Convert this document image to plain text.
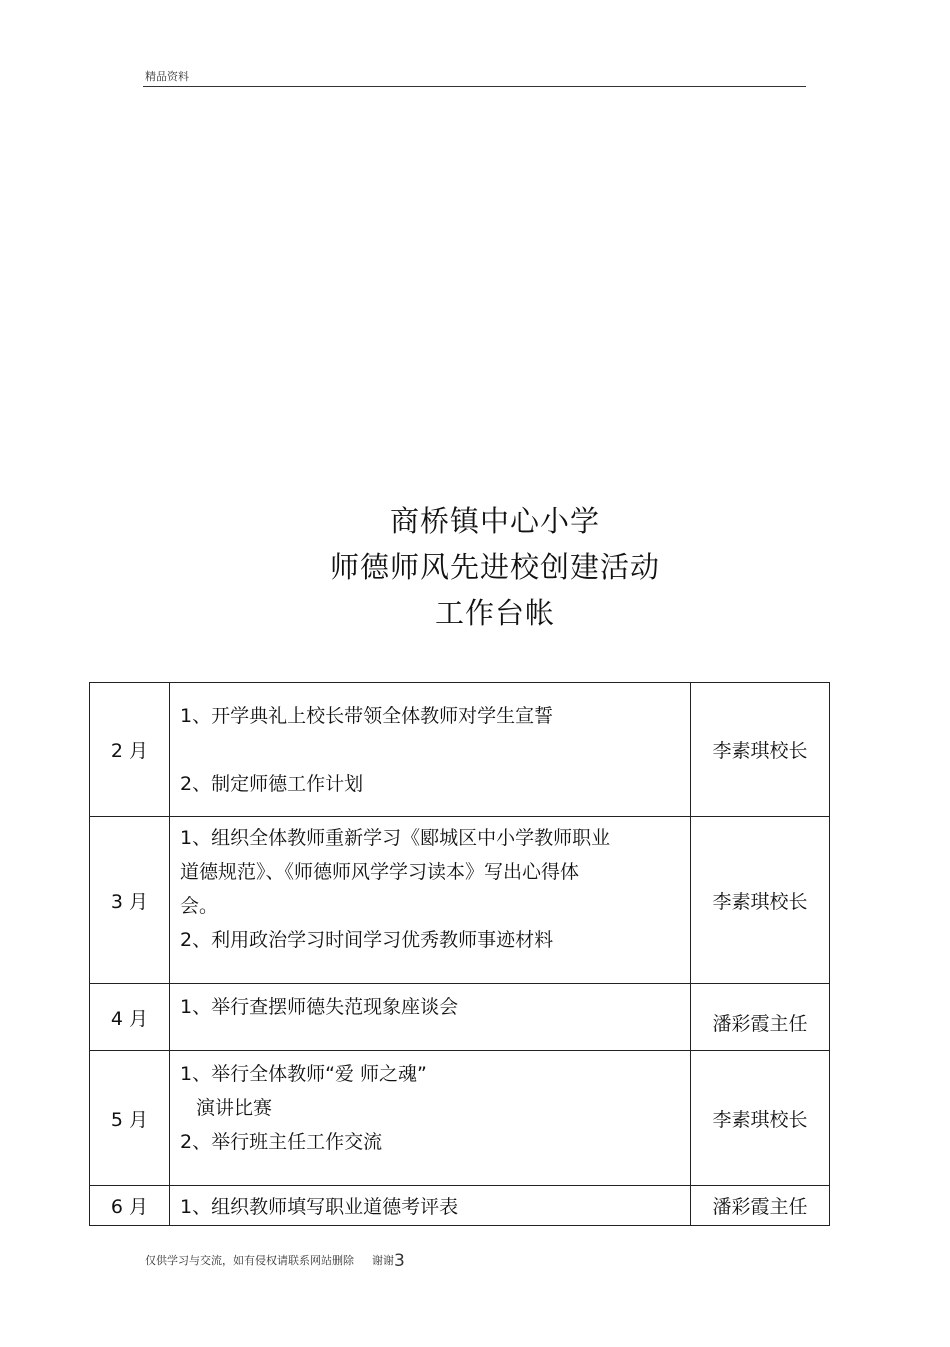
精品资料
商桥镇中心小学
师德师风先进校创建活动
工作台帐
2 月	1、开学典礼上校长带领全体教师对学生宣誓
2、制定师德工作计划	李素琪校长
3 月	1、组织全体教师重新学习《郾城区中小学教师职业
道德规范》、《师德师风学学习读本》写出心得体
会。
2、利用政治学习时间学习优秀教师事迹材料	李素琪校长
4 月	1、举行查摆师德失范现象座谈会	潘彩霞主任
5 月	1、举行全体教师“爱 师之魂”
演讲比赛
2、举行班主任工作交流	李素琪校长
6 月	1、组织教师填写职业道德考评表	潘彩霞主任
仅供学习与交流，如有侵权请联系网站删除 谢谢3
